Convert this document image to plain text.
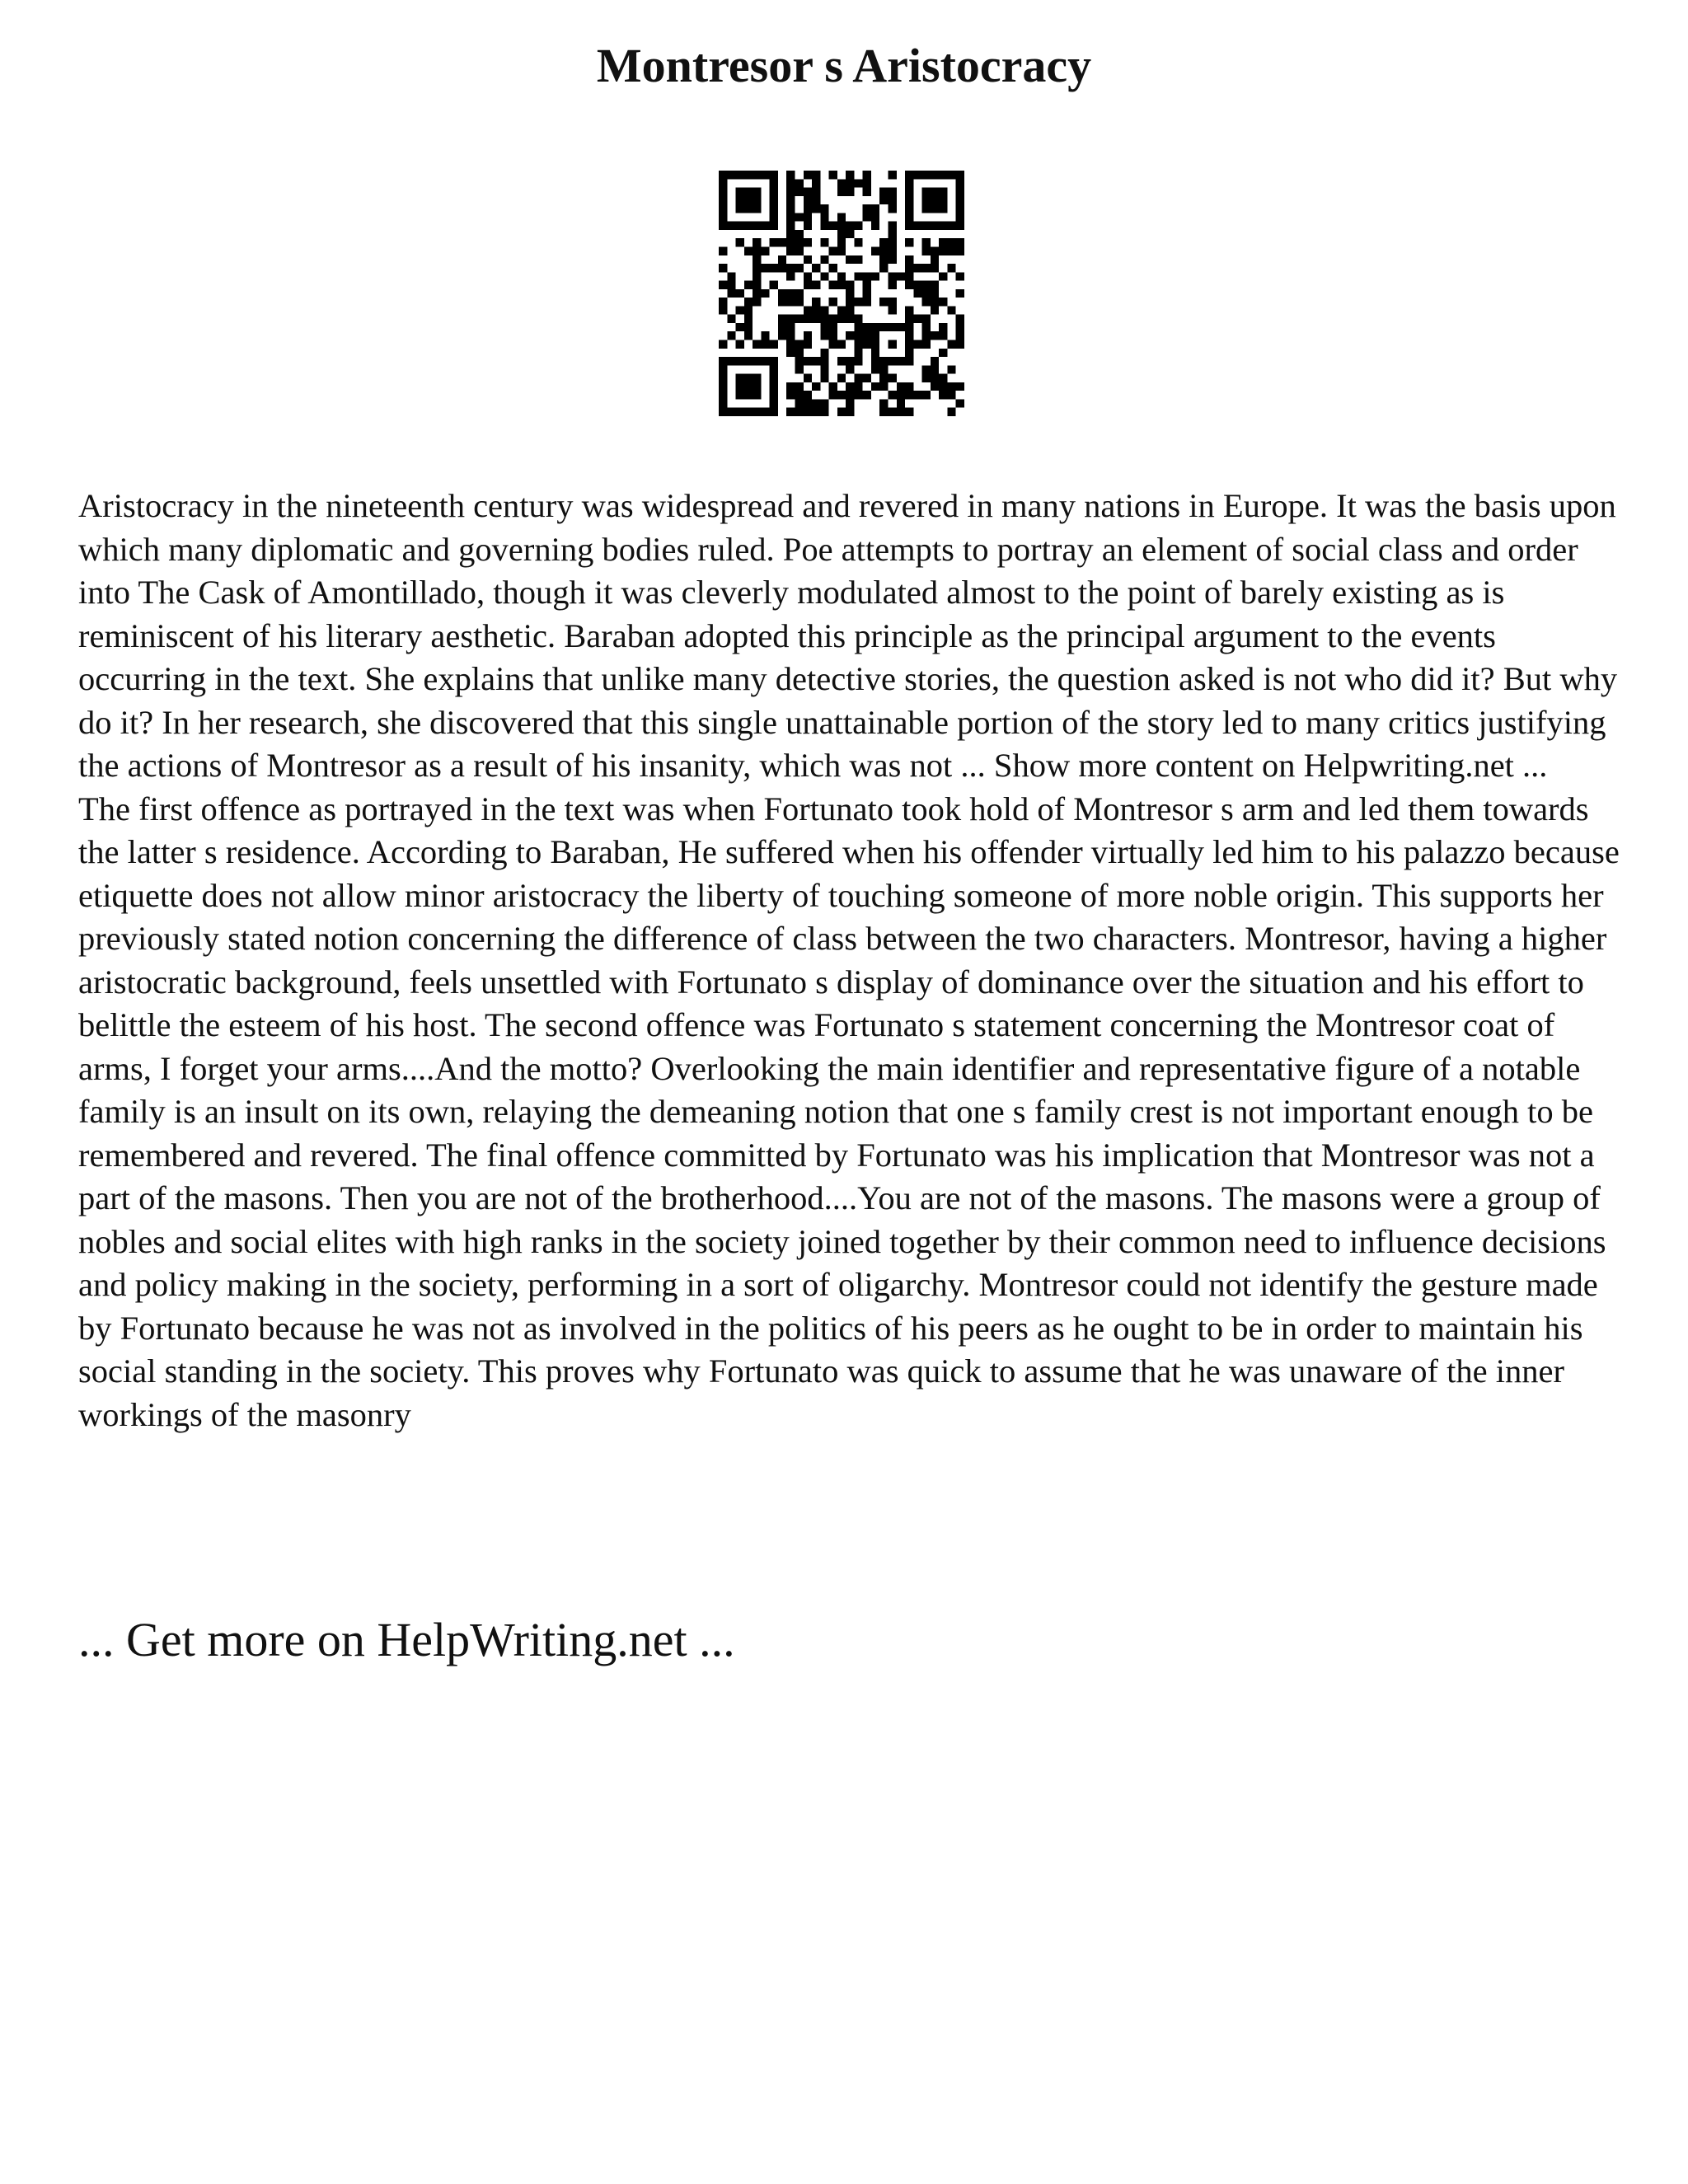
Montresor s Aristocracy

Aristocracy in the nineteenth century was widespread and revered in many nations in Europe. It was the basis upon which many diplomatic and governing bodies ruled. Poe attempts to portray an element of social class and order into The Cask of Amontillado, though it was cleverly modulated almost to the point of barely existing as is reminiscent of his literary aesthetic. Baraban adopted this principle as the principal argument to the events occurring in the text. She explains that unlike many detective stories, the question asked is not who did it? But why do it? In her research, she discovered that this single unattainable portion of the story led to many critics justifying the actions of Montresor as a result of his insanity, which was not ... Show more content on Helpwriting.net ...

The first offence as portrayed in the text was when Fortunato took hold of Montresor s arm and led them towards the latter s residence. According to Baraban, He suffered when his offender virtually led him to his palazzo because etiquette does not allow minor aristocracy the liberty of touching someone of more noble origin. This supports her previously stated notion concerning the difference of class between the two characters. Montresor, having a higher aristocratic background, feels unsettled with Fortunato s display of dominance over the situation and his effort to belittle the esteem of his host. The second offence was Fortunato s statement concerning the Montresor coat of arms, I forget your arms....And the motto? Overlooking the main identifier and representative figure of a notable family is an insult on its own, relaying the demeaning notion that one s family crest is not important enough to be remembered and revered. The final offence committed by Fortunato was his implication that Montresor was not a part of the masons. Then you are not of the brotherhood....You are not of the masons. The masons were a group of nobles and social elites with high ranks in the society joined together by their common need to influence decisions and policy making in the society, performing in a sort of oligarchy. Montresor could not identify the gesture made by Fortunato because he was not as involved in the politics of his peers as he ought to be in order to maintain his social standing in the society. This proves why Fortunato was quick to assume that he was unaware of the inner workings of the masonry

... Get more on HelpWriting.net ...
